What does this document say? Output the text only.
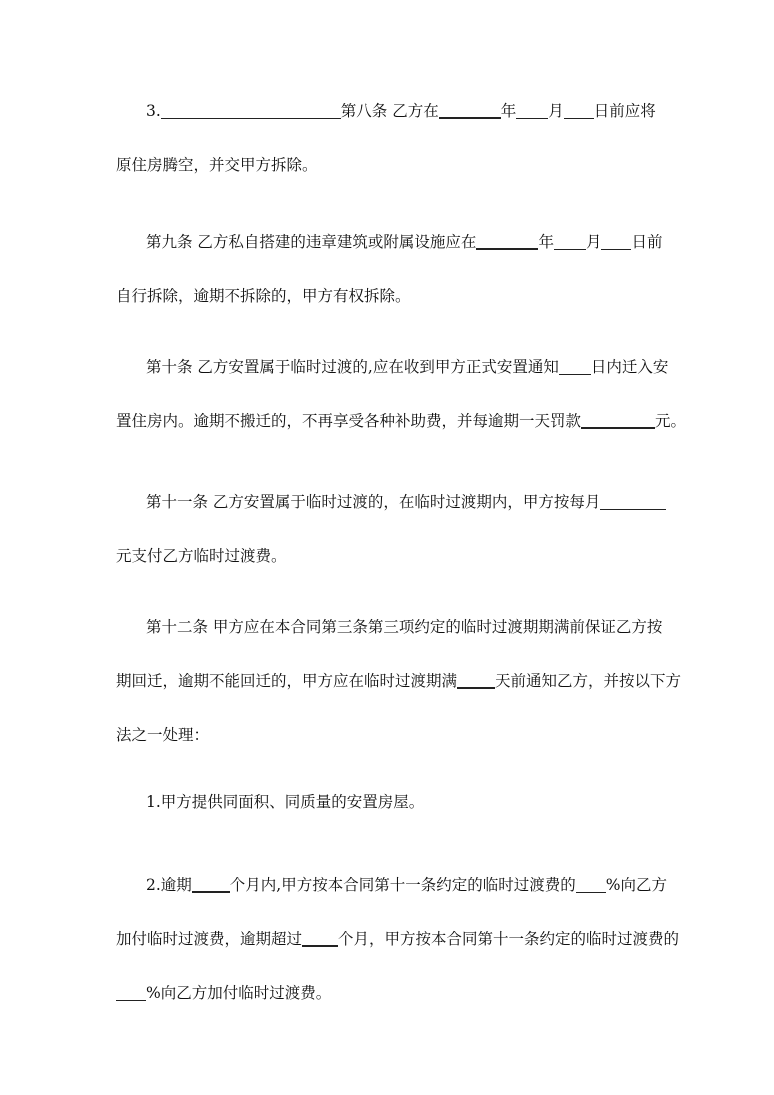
3.	第八条 乙方在	年 月 日前应将
原住房腾空，并交甲方拆除。
第九条 乙方私自搭建的违章建筑或附属设施应在	年 月 日前
自行拆除，逾期不拆除的，甲方有权拆除。
第十条 乙方安置属于临时过渡的,应在收到甲方正式安置通知 日内迁入安
置住房内。逾期不搬迁的，不再享受各种补助费，并每逾期一天罚款	元。
第十一条 乙方安置属于临时过渡的，在临时过渡期内，甲方按每月
元支付乙方临时过渡费。
第十二条 甲方应在本合同第三条第三项约定的临时过渡期期满前保证乙方按
期回迁，逾期不能回迁的，甲方应在临时过渡期满 天前通知乙方，并按以下方
法之一处理：
1.甲方提供同面积、同质量的安置房屋。
2.逾期 个月内,甲方按本合同第十一条约定的临时过渡费的 %向乙方
加付临时过渡费，逾期超过 个月，甲方按本合同第十一条约定的临时过渡费的
%向乙方加付临时过渡费。
